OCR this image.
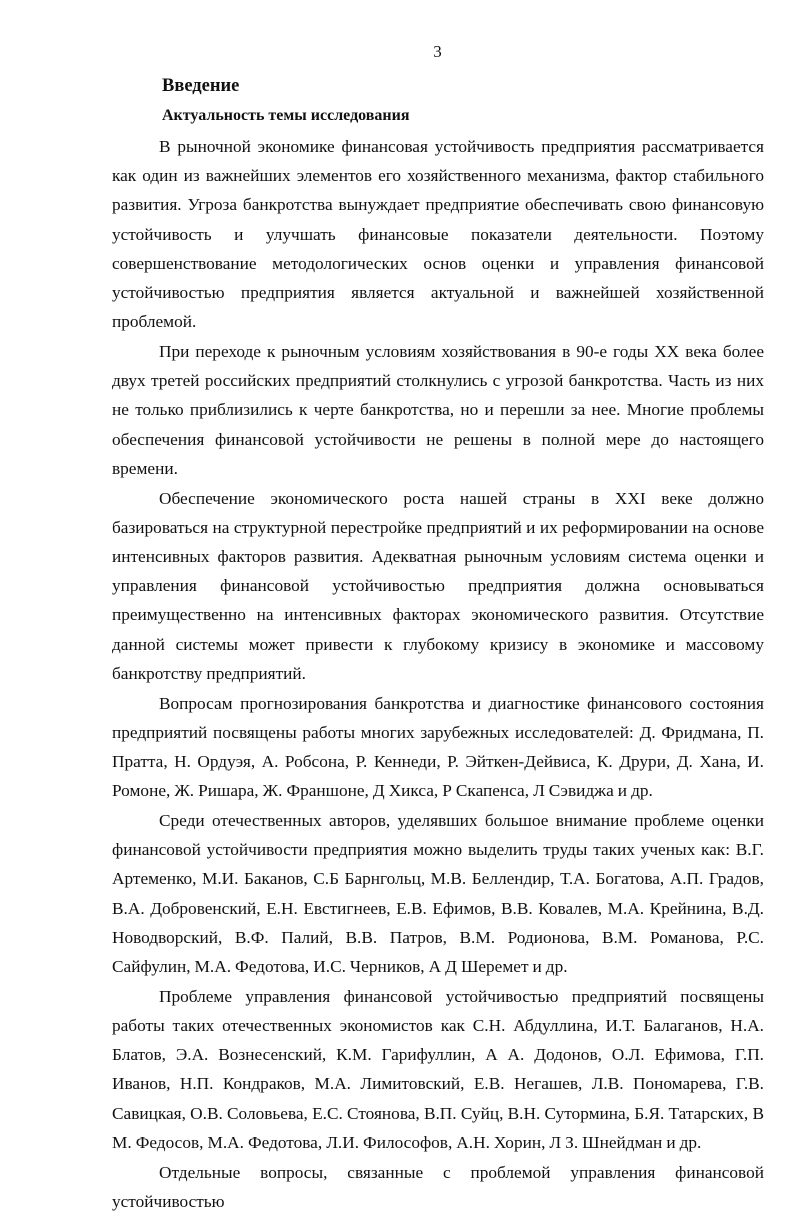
3
Введение
Актуальность темы исследования

В рыночной экономике финансовая устойчивость предприятия рассматривается как один из важнейших элементов его хозяйственного механизма, фактор стабильного развития. Угроза банкротства вынуждает предприятие обеспечивать свою финансовую устойчивость и улучшать финансовые показатели деятельности. Поэтому совершенствование методологических основ оценки и управления финансовой устойчивостью предприятия является актуальной и важнейшей хозяйственной проблемой.

При переходе к рыночным условиям хозяйствования в 90-е годы XX века более двух третей российских предприятий столкнулись с угрозой банкротства. Часть из них не только приблизились к черте банкротства, но и перешли за нее. Многие проблемы обеспечения финансовой устойчивости не решены в полной мере до настоящего времени.

Обеспечение экономического роста нашей страны в XXI веке должно базироваться на структурной перестройке предприятий и их реформировании на основе интенсивных факторов развития. Адекватная рыночным условиям система оценки и управления финансовой устойчивостью предприятия должна основываться преимущественно на интенсивных факторах экономического развития. Отсутствие данной системы может привести к глубокому кризису в экономике и массовому банкротству предприятий.

Вопросам прогнозирования банкротства и диагностике финансового состояния предприятий посвящены работы многих зарубежных исследователей: Д. Фридмана, П. Пратта, Н. Ордуэя, А. Робсона, Р. Кеннеди, Р. Эйткен-Дейвиса, К. Друри, Д. Хана, И. Ромоне, Ж. Ришара, Ж. Франшоне, Д Хикса, Р Скапенса, Л Сэвиджа и др.

Среди отечественных авторов, уделявших большое внимание проблеме оценки финансовой устойчивости предприятия можно выделить труды таких ученых как: В.Г. Артеменко, М.И. Баканов, С.Б Барнгольц, М.В. Беллендир, Т.А. Богатова, А.П. Градов, В.А. Добровенский, Е.Н. Евстигнеев, Е.В. Ефимов, В.В. Ковалев, М.А. Крейнина, В.Д. Новодворский, В.Ф. Палий, В.В. Патров, В.М. Родионова, В.М. Романова, Р.С. Сайфулин, М.А. Федотова, И.С. Черников, А Д Шеремет и др.

Проблеме управления финансовой устойчивостью предприятий посвящены работы таких отечественных экономистов как С.Н. Абдуллина, И.Т. Балаганов, Н.А. Блатов, Э.А. Вознесенский, К.М. Гарифуллин, А А. Додонов, О.Л. Ефимова, Г.П. Иванов, Н.П. Кондраков, М.А. Лимитовский, Е.В. Негашев, Л.В. Пономарева, Г.В. Савицкая, О.В. Соловьева, Е.С. Стоянова, В.П. Суйц, В.Н. Сутормина, Б.Я. Татарских, В М. Федосов, М.А. Федотова, Л.И. Философов, А.Н. Хорин, Л З. Шнейдман и др.

Отдельные вопросы, связанные с проблемой управления финансовой устойчивостью
